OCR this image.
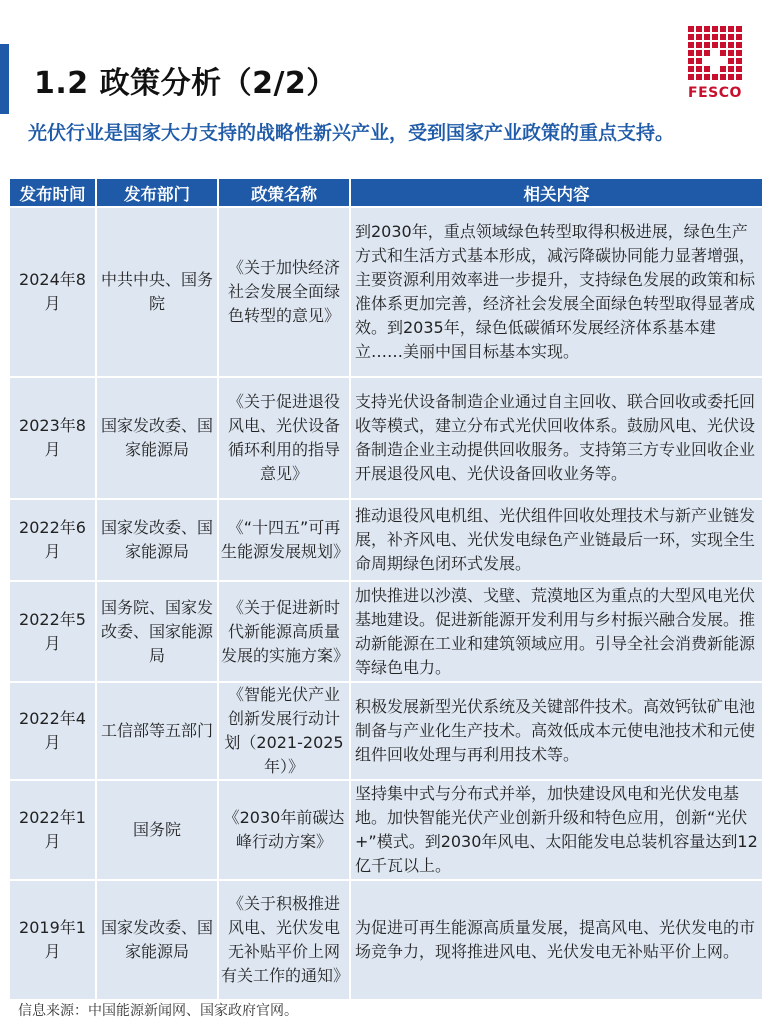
1.2 政策分析（2/2）	FESCO

光伏行业是国家大力支持的战略性新兴产业，受到国家产业政策的重点支持。

发布时间	发布部门	政策名称	相关内容
2024年8月	中共中央、国务院	《关于加快经济社会发展全面绿色转型的意见》	到2030年，重点领域绿色转型取得积极进展，绿色生产方式和生活方式基本形成，减污降碳协同能力显著增强，主要资源利用效率进一步提升，支持绿色发展的政策和标准体系更加完善，经济社会发展全面绿色转型取得显著成效。到2035年，绿色低碳循环发展经济体系基本建立……美丽中国目标基本实现。
2023年8月	国家发改委、国家能源局	《关于促进退役风电、光伏设备循环利用的指导意见》	支持光伏设备制造企业通过自主回收、联合回收或委托回收等模式，建立分布式光伏回收体系。鼓励风电、光伏设备制造企业主动提供回收服务。支持第三方专业回收企业开展退役风电、光伏设备回收业务等。
2022年6月	国家发改委、国家能源局	《“十四五”可再生能源发展规划》	推动退役风电机组、光伏组件回收处理技术与新产业链发展，补齐风电、光伏发电绿色产业链最后一环，实现全生命周期绿色闭环式发展。
2022年5月	国务院、国家发改委、国家能源局	《关于促进新时代新能源高质量发展的实施方案》	加快推进以沙漠、戈壁、荒漠地区为重点的大型风电光伏基地建设。促进新能源开发利用与乡村振兴融合发展。推动新能源在工业和建筑领域应用。引导全社会消费新能源等绿色电力。
2022年4月	工信部等五部门	《智能光伏产业创新发展行动计划（2021-2025年）》	积极发展新型光伏系统及关键部件技术。高效钙钛矿电池制备与产业化生产技术。高效低成本元使电池技术和元使组件回收处理与再利用技术等。
2022年1月	国务院	《2030年前碳达峰行动方案》	坚持集中式与分布式并举，加快建设风电和光伏发电基地。加快智能光伏产业创新升级和特色应用，创新“光伏+”模式。到2030年风电、太阳能发电总装机容量达到12亿千瓦以上。
2019年1月	国家发改委、国家能源局	《关于积极推进风电、光伏发电无补贴平价上网有关工作的通知》	为促进可再生能源高质量发展，提高风电、光伏发电的市场竞争力，现将推进风电、光伏发电无补贴平价上网。

信息来源：中国能源新闻网、国家政府官网。
